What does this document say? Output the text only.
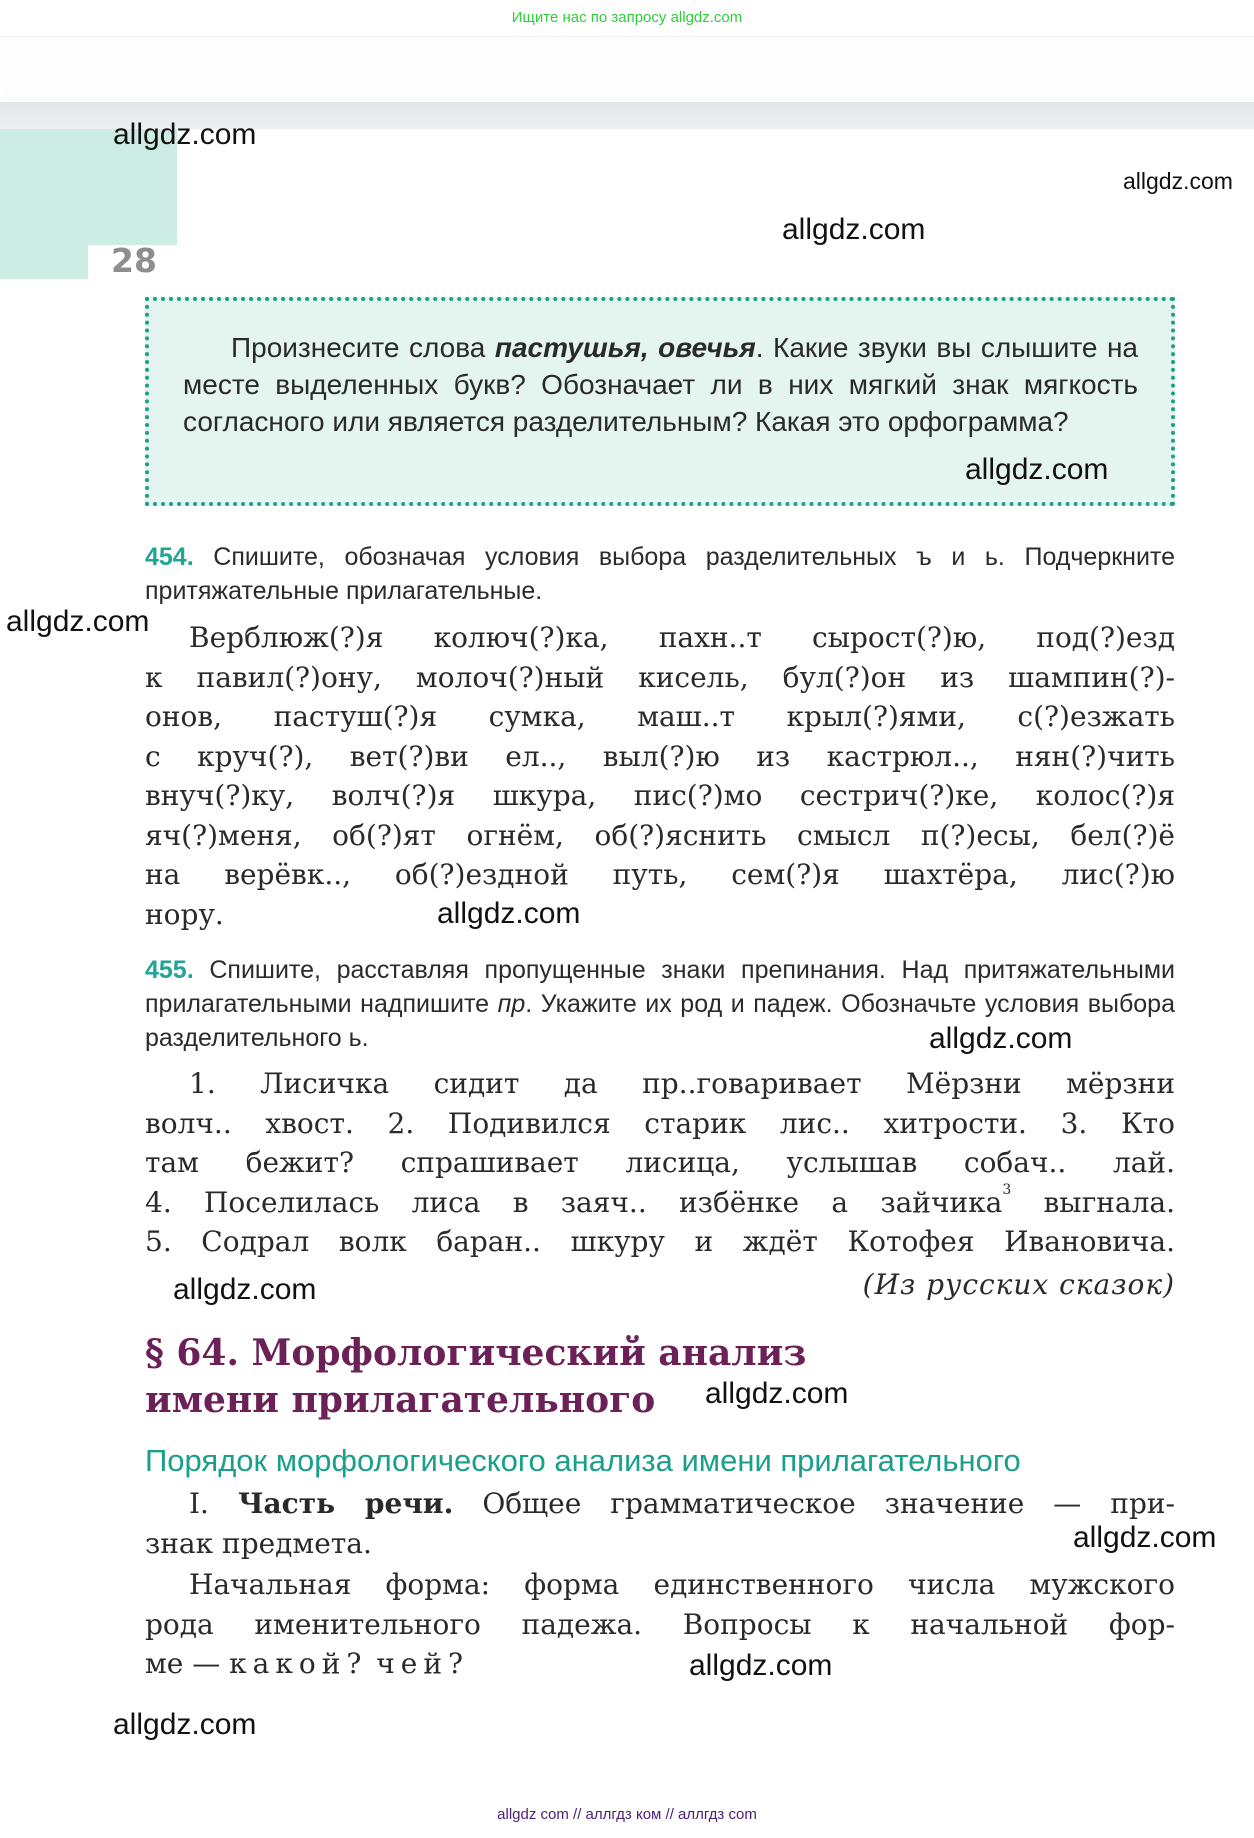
Ищите нас по запросу allgdz.com
28
Произнесите слова пастушья, овечья. Какие звуки вы слышите на месте выделенных букв? Обозначает ли в них мягкий знак мягкость согласного или является разделительным? Какая это орфограмма?
454. Спишите, обозначая условия выбора разделительных ъ и ь. Подчеркните притяжательные прилагательные.
Верблюж(?)я колюч(?)ка, пахн..т сыpост(?)ю, под(?)езд
к павил(?)ону, молоч(?)ный кисель, бул(?)он из шампин(?)-
онов, пастуш(?)я сумка, маш..т крыл(?)ями, с(?)езжать
с круч(?), вет(?)ви ел.., выл(?)ю из кастрюл.., нян(?)чить
внуч(?)ку, волч(?)я шкура, пис(?)мо сестрич(?)ке, колос(?)я
яч(?)меня, об(?)ят огнём, об(?)яснить смысл п(?)есы, бел(?)ё
на верёвк.., об(?)ездной путь, сем(?)я шахтёра, лис(?)ю
нору.
455. Спишите, расставляя пропущенные знаки препинания. Над притяжательными прилагательными надпишите пр. Укажите их род и падеж. Обозначьте условия выбора разделительного ь.
1. Лисичка сидит да пр..говаривает Мёрзни мёрзни
волч.. хвост. 2. Подивился старик лис.. хитрости. 3. Кто
там бежит? спрашивает лисица, услышав собач.. лай.
4. Поселилась лиса в заяч.. избёнке а зайчика$^3$ выгнала.
5. Содрал волк баран.. шкуру и ждёт Котофея Ивановича.
(Из русских сказок)
§ 64. Морфологический анализ
имени прилагательного
Порядок морфологического анализа имени прилагательного
I. Часть речи. Общее грамматическое значение — при-
знак предмета.
Начальная форма: форма единственного числа мужского
рода именительного падежа. Вопросы к начальной фор-
ме — какой? чей?
allgdz.com
allgdz.com
allgdz.com
allgdz.com
allgdz.com
allgdz.com
allgdz.com
allgdz.com
allgdz.com
allgdz.com
allgdz.com
allgdz.com
allgdz com // аллгдз ком // аллгдз com
